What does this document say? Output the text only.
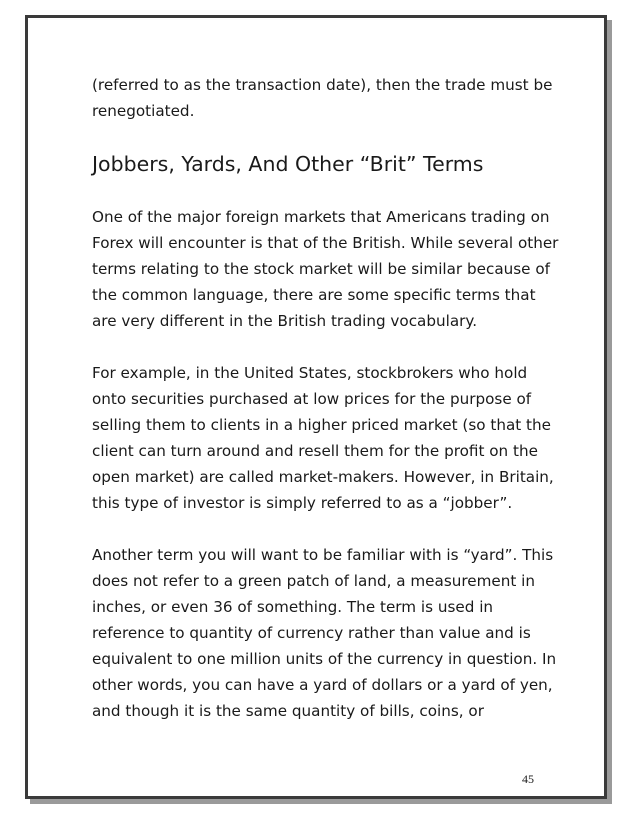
(referred to as the transaction date), then the trade must be renegotiated.

Jobbers, Yards, And Other “Brit” Terms

One of the major foreign markets that Americans trading on Forex will encounter is that of the British. While several other terms relating to the stock market will be similar because of the common language, there are some specific terms that are very different in the British trading vocabulary.

For example, in the United States, stockbrokers who hold onto securities purchased at low prices for the purpose of selling them to clients in a higher priced market (so that the client can turn around and resell them for the profit on the open market) are called market-makers. However, in Britain, this type of investor is simply referred to as a “jobber”.

Another term you will want to be familiar with is “yard”. This does not refer to a green patch of land, a measurement in inches, or even 36 of something. The term is used in reference to quantity of currency rather than value and is equivalent to one million units of the currency in question. In other words, you can have a yard of dollars or a yard of yen, and though it is the same quantity of bills, coins, or

45
